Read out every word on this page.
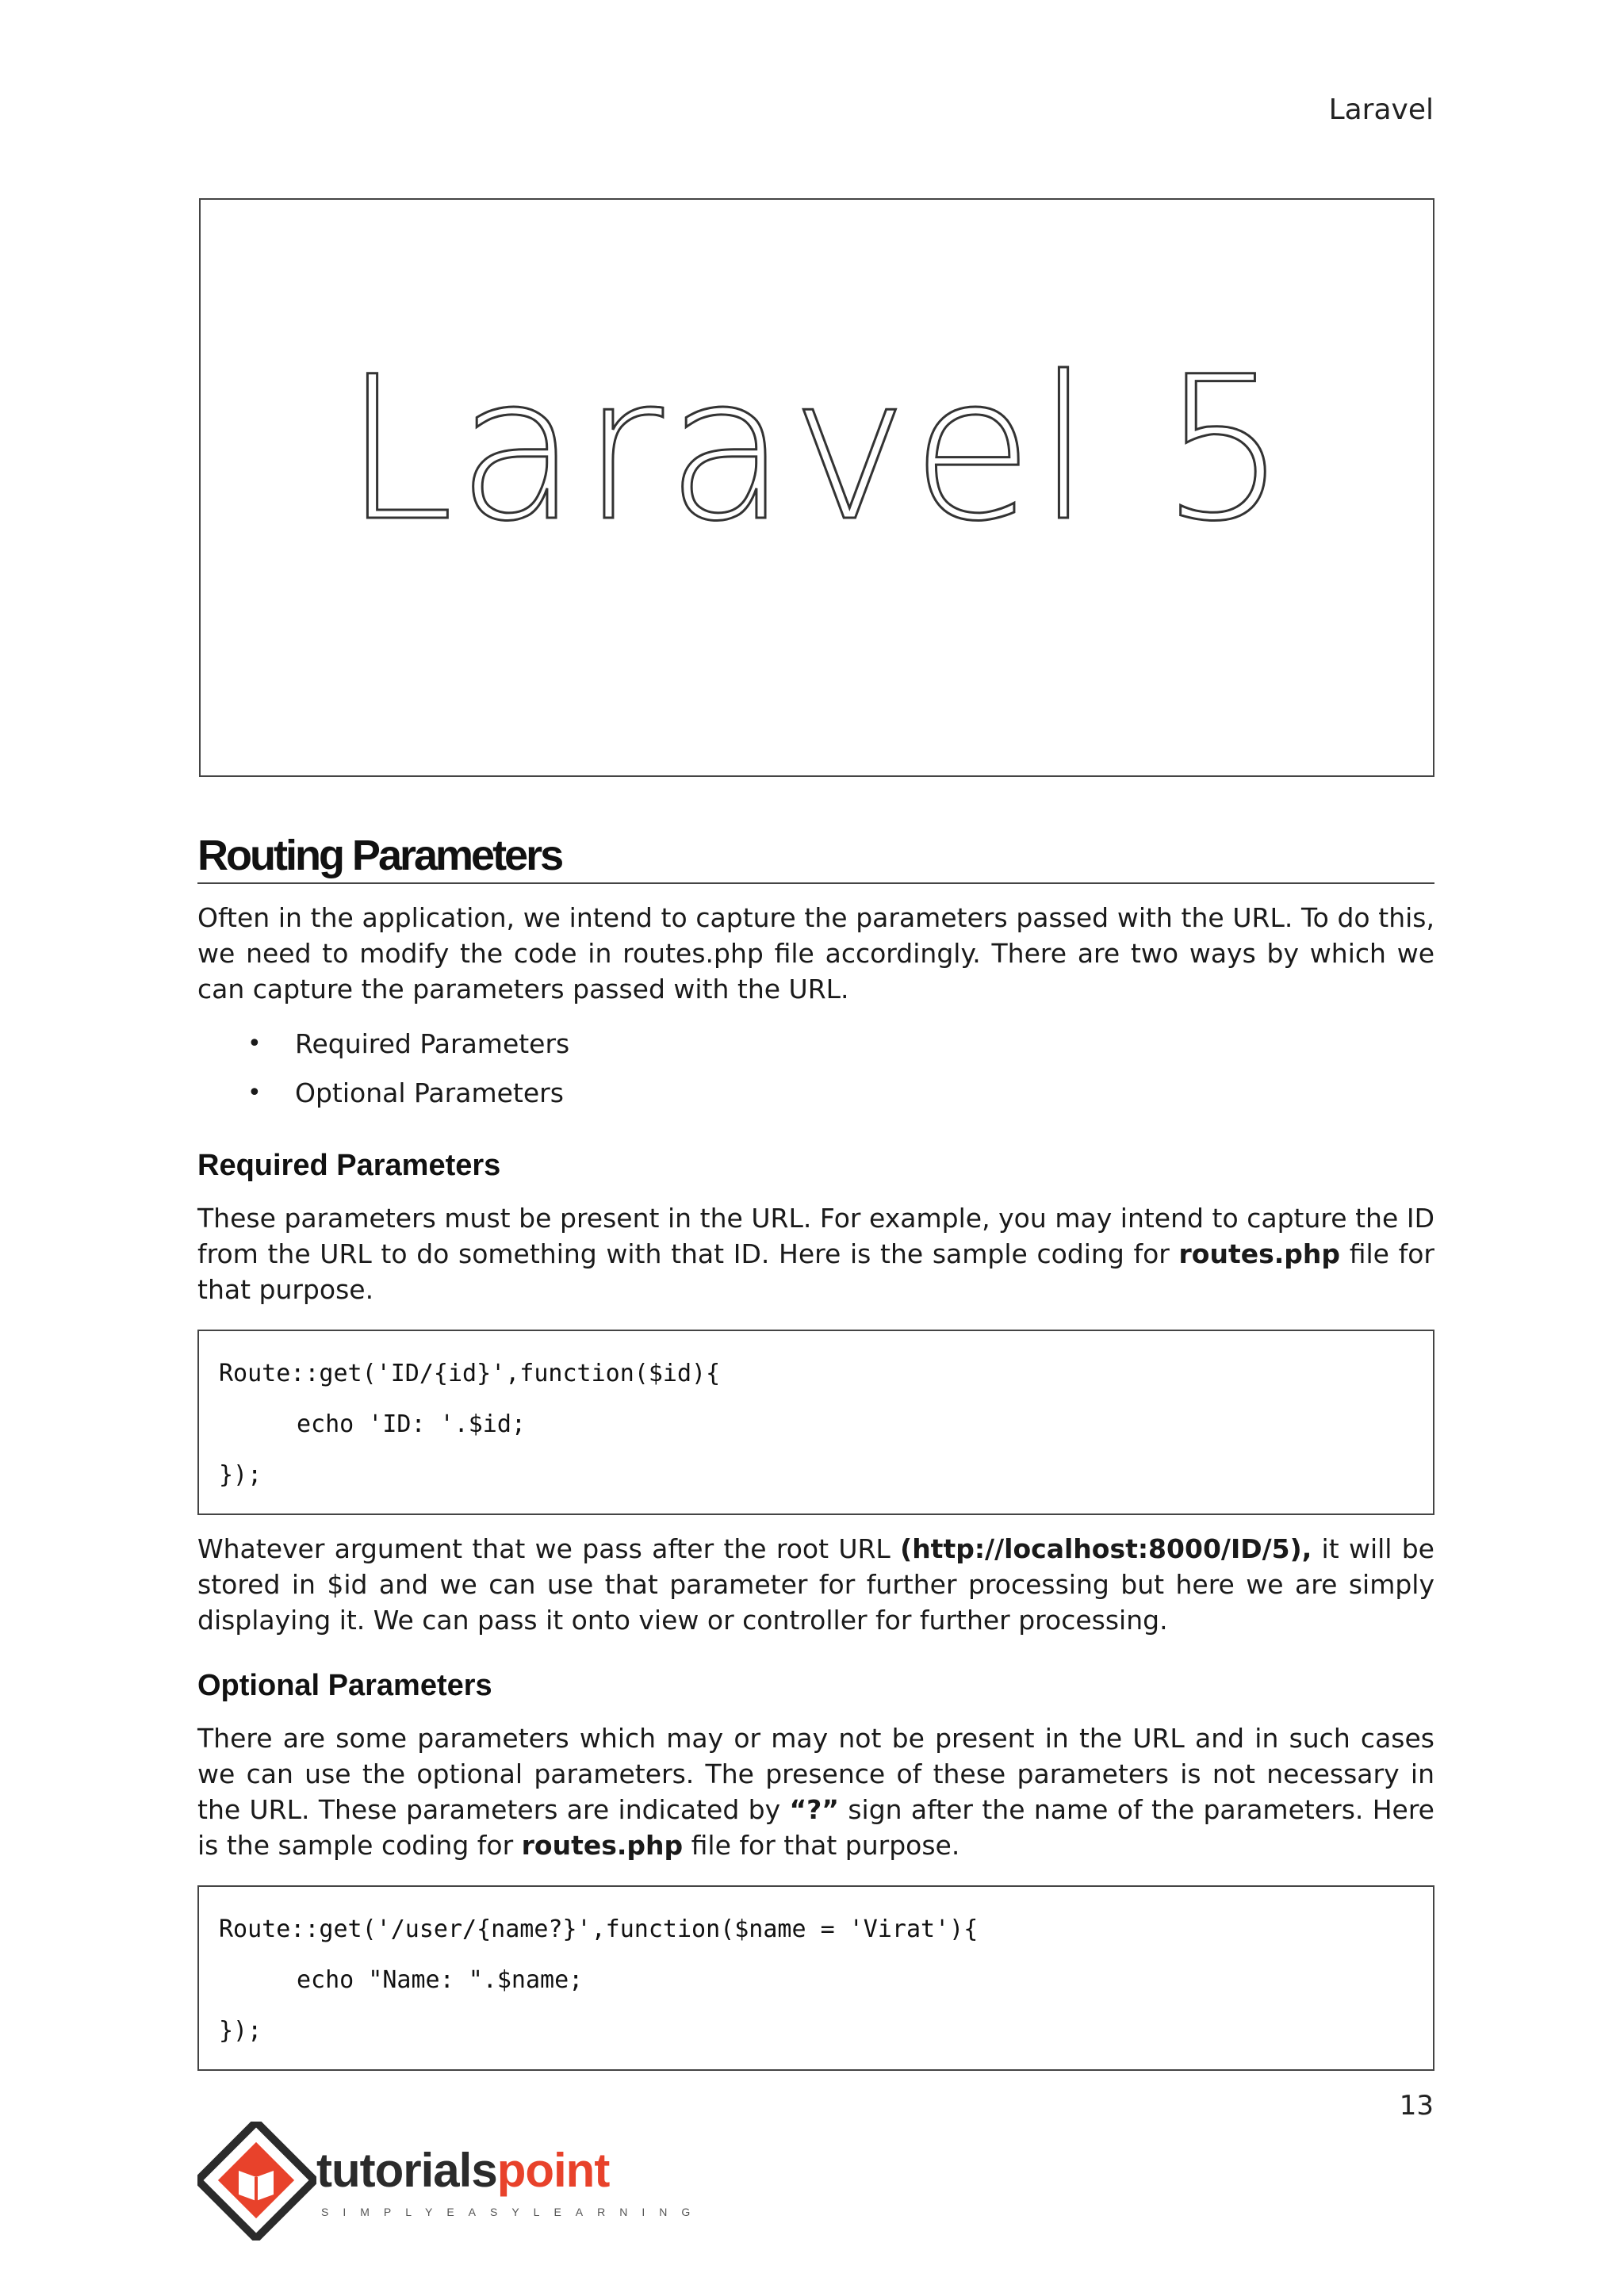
Laravel
Laravel 5
Routing Parameters

Often in the application, we intend to capture the parameters passed with the URL. To do this, we need to modify the code in routes.php file accordingly. There are two ways by which we can capture the parameters passed with the URL.

• Required Parameters
• Optional Parameters
Required Parameters

These parameters must be present in the URL. For example, you may intend to capture the ID from the URL to do something with that ID. Here is the sample coding for routes.php file for that purpose.

Route::get('ID/{id}',function($id){
echo 'ID: '.$id;
});

Whatever argument that we pass after the root URL (http://localhost:8000/ID/5), it will be stored in $id and we can use that parameter for further processing but here we are simply displaying it. We can pass it onto view or controller for further processing.

Optional Parameters

There are some parameters which may or may not be present in the URL and in such cases we can use the optional parameters. The presence of these parameters is not necessary in the URL. These parameters are indicated by “?” sign after the name of the parameters. Here is the sample coding for routes.php file for that purpose.

Route::get('/user/{name?}',function($name = 'Virat'){
echo "Name: ".$name;
});
13
tutorialspoint
SIMPLYEASYLEARNING
